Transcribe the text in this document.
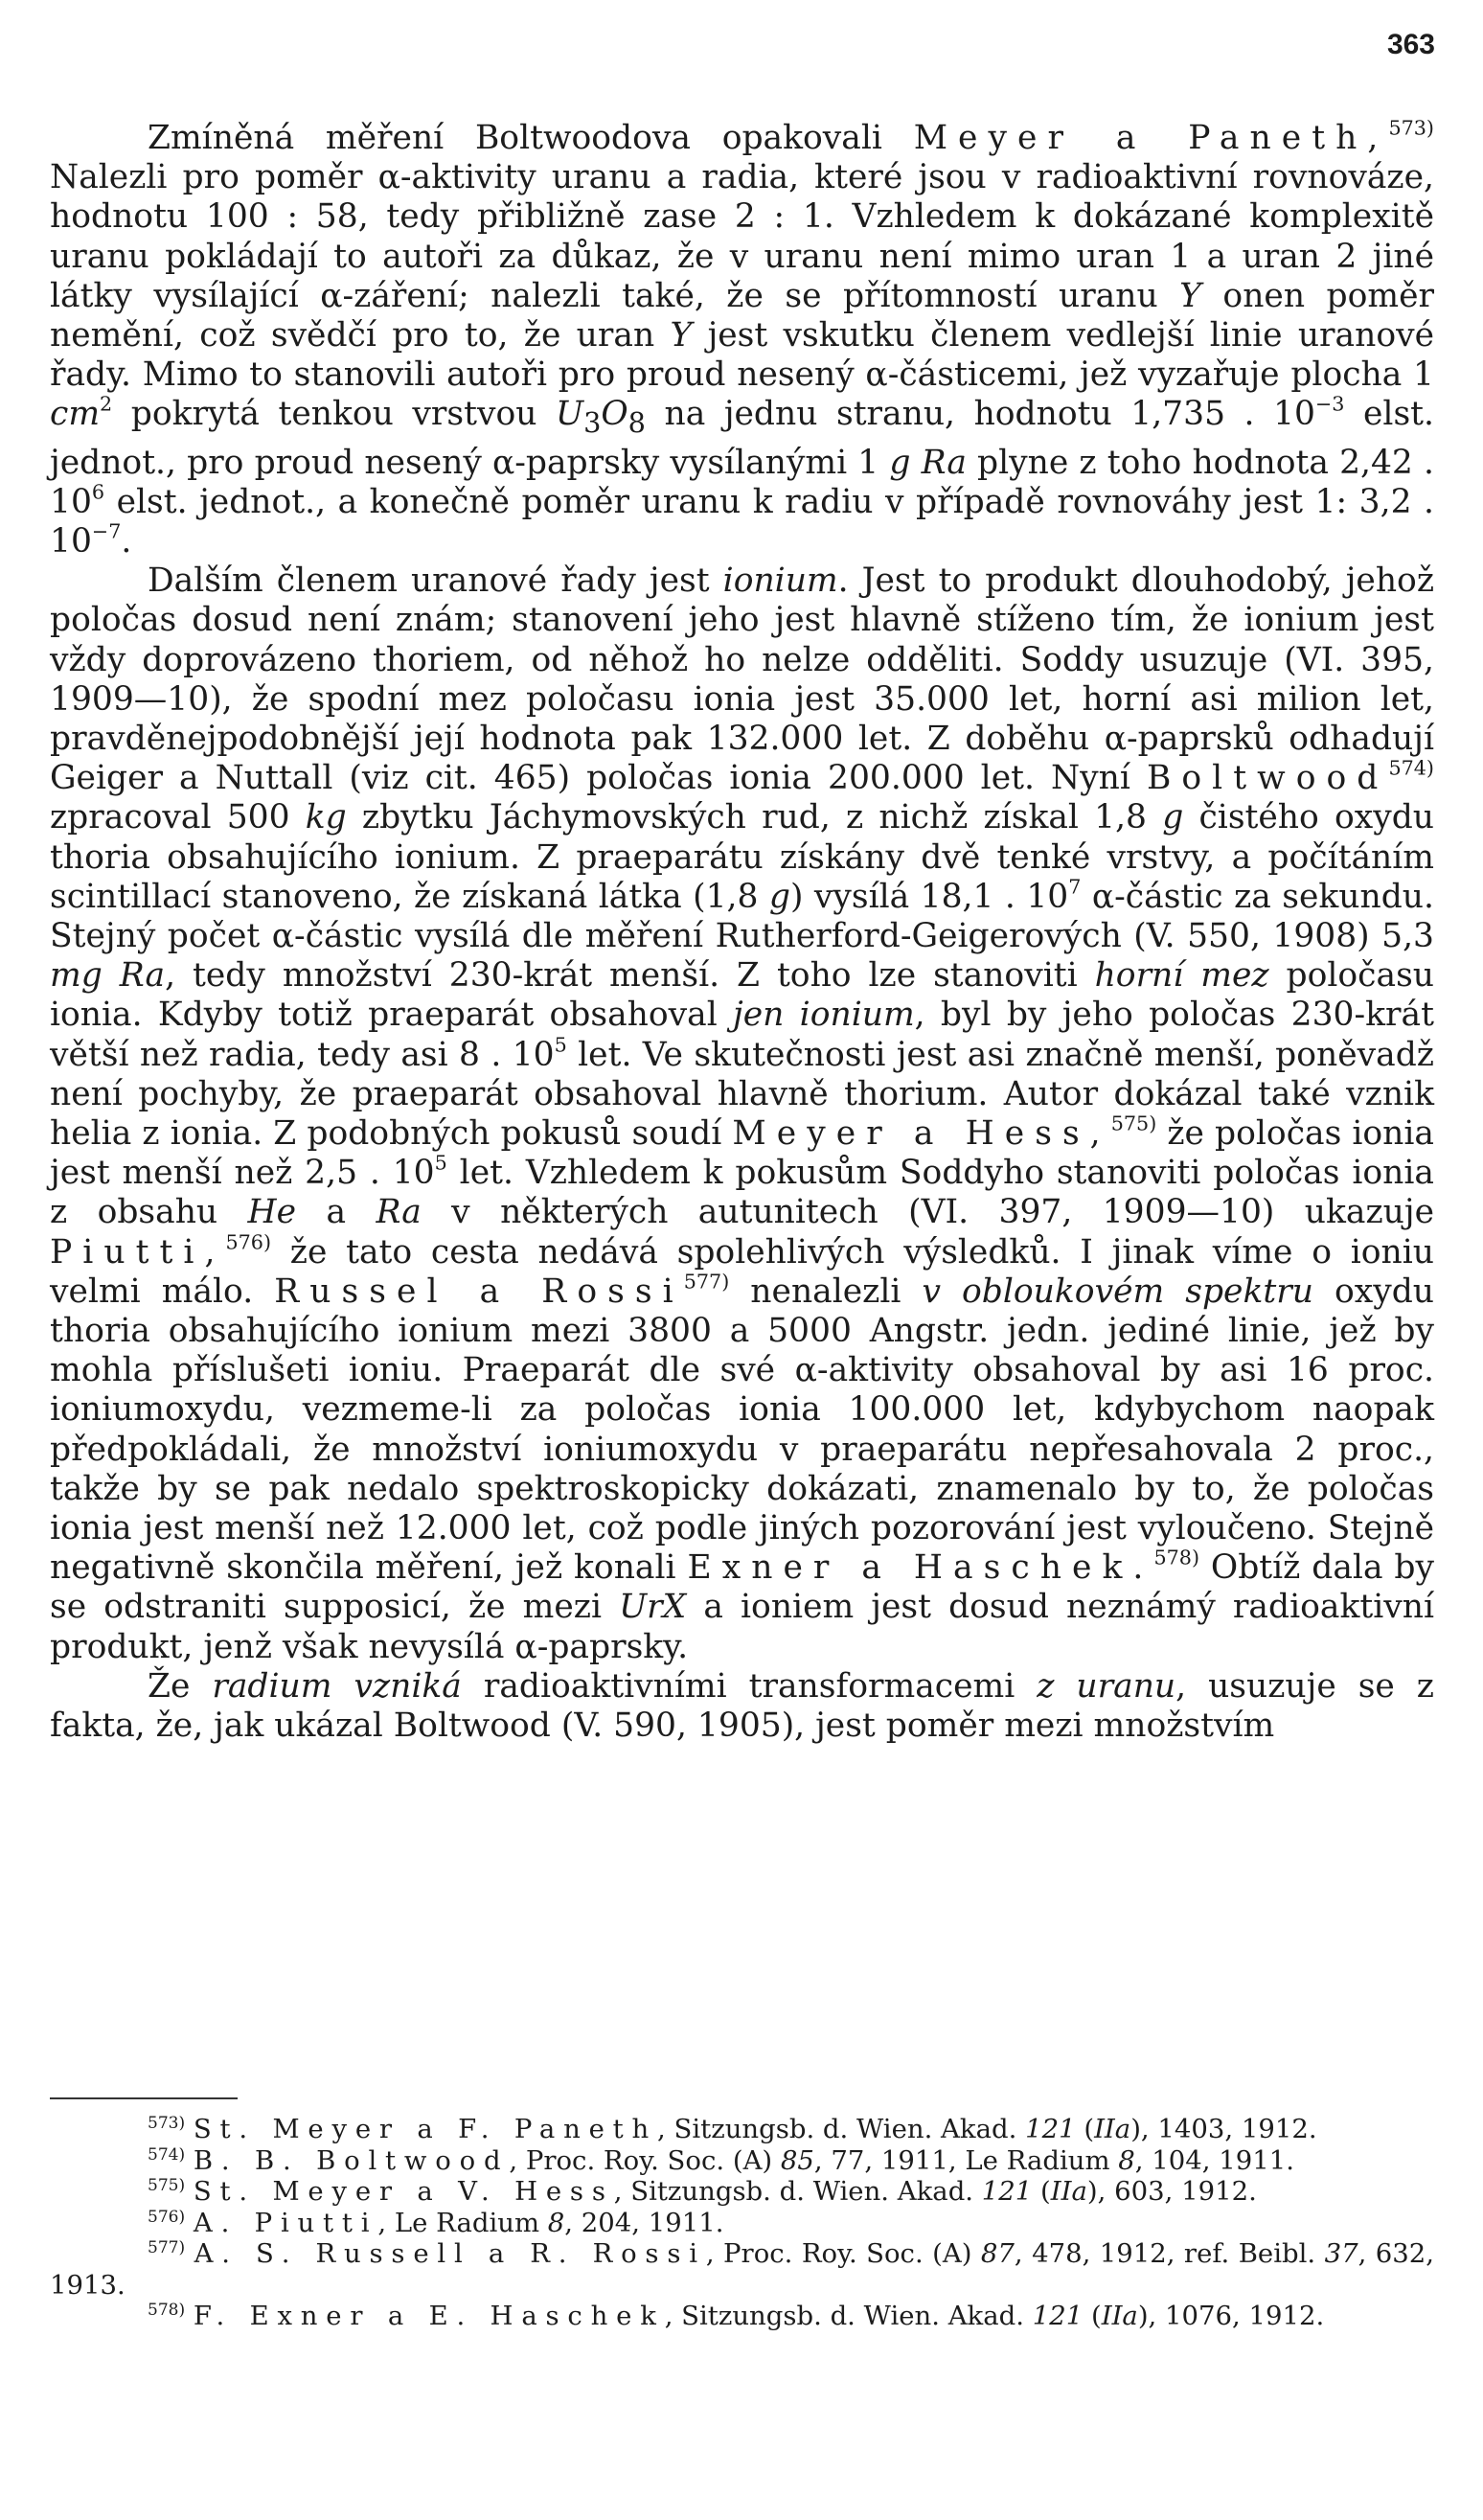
363

Zmíněná měření Boltwoodova opakovali Meyer a Paneth,$^{573)}$ Nalezli pro poměr α-aktivity uranu a radia, které jsou v radioaktivní rovnováze, hodnotu 100 : 58, tedy přibližně zase 2 : 1. Vzhledem k dokázané komplexitě uranu pokládají to autoři za důkaz, že v uranu není mimo uran 1 a uran 2 jiné látky vysílající α-záření; nalezli také, že se přítomností uranu Y onen poměr nemění, což svědčí pro to, že uran Y jest vskutku členem vedlejší linie uranové řady. Mimo to stanovili autoři pro proud nesený α-částicemi, jež vyzařuje plocha 1 $cm^2$ pokrytá tenkou vrstvou $U_3O_8$ na jednu stranu, hodnotu 1,735 . $10^{-3}$ elst. jednot., pro proud nesený α-paprsky vysílanými 1 g Ra plyne z toho hodnota 2,42 . $10^6$ elst. jednot., a konečně poměr uranu k radiu v případě rovnováhy jest 1: 3,2 . $10^{-7}$.

Dalším členem uranové řady jest ionium. Jest to produkt dlouhodobý, jehož poločas dosud není znám; stanovení jeho jest hlavně stíženo tím, že ionium jest vždy doprovázeno thoriem, od něhož ho nelze odděliti. Soddy usuzuje (VI. 395, 1909—10), že spodní mez poločasu ionia jest 35.000 let, horní asi milion let, pravděnejpodobnější její hodnota pak 132.000 let. Z doběhu α-paprsků odhadují Geiger a Nuttall (viz cit. 465) poločas ionia 200.000 let. Nyní Boltwood$^{574)}$ zpracoval 500 kg zbytku Jáchymovských rud, z nichž získal 1,8 g čistého oxydu thoria obsahujícího ionium. Z praeparátu získány dvě tenké vrstvy, a počítáním scintillací stanoveno, že získaná látka (1,8 g) vysílá 18,1 . $10^7$ α-částic za sekundu. Stejný počet α-částic vysílá dle měření Rutherford-Geigerových (V. 550, 1908) 5,3 mg Ra, tedy množství 230-krát menší. Z toho lze stanoviti horní mez poločasu ionia. Kdyby totiž praeparát obsahoval jen ionium, byl by jeho poločas 230-krát větší než radia, tedy asi 8 . $10^5$ let. Ve skutečnosti jest asi značně menší, poněvadž není pochyby, že praeparát obsahoval hlavně thorium. Autor dokázal také vznik helia z ionia. Z podobných pokusů soudí Meyer a Hess,$^{575)}$ že poločas ionia jest menší než 2,5 . $10^5$ let. Vzhledem k pokusům Soddyho stanoviti poločas ionia z obsahu He a Ra v některých autunitech (VI. 397, 1909—10) ukazuje Piutti,$^{576)}$ že tato cesta nedává spolehlivých výsledků. I jinak víme o ioniu velmi málo. Russel a Rossi$^{577)}$ nenalezli v obloukovém spektru oxydu thoria obsahujícího ionium mezi 3800 a 5000 Angstr. jedn. jediné linie, jež by mohla příslušeti ioniu. Praeparát dle své α-aktivity obsahoval by asi 16 proc. ioniumoxydu, vezmeme-li za poločas ionia 100.000 let, kdybychom naopak předpokládali, že množství ioniumoxydu v praeparátu nepřesahovala 2 proc., takže by se pak nedalo spektroskopicky dokázati, znamenalo by to, že poločas ionia jest menší než 12.000 let, což podle jiných pozorování jest vyloučeno. Stejně negativně skončila měření, jež konali Exner a Haschek.$^{578)}$ Obtíž dala by se odstraniti supposicí, že mezi UrX a ioniem jest dosud neznámý radioaktivní produkt, jenž však nevysílá α-paprsky.

Že radium vzniká radioaktivními transformacemi z uranu, usuzuje se z fakta, že, jak ukázal Boltwood (V. 590, 1905), jest poměr mezi množstvím

$^{573)}$ St. Meyer a F. Paneth, Sitzungsb. d. Wien. Akad. 121 (IIa), 1403, 1912.

$^{574)}$ B. B. Boltwood, Proc. Roy. Soc. (A) 85, 77, 1911, Le Radium 8, 104, 1911.

$^{575)}$ St. Meyer a V. Hess, Sitzungsb. d. Wien. Akad. 121 (IIa), 603, 1912.

$^{576)}$ A. Piutti, Le Radium 8, 204, 1911.

$^{577)}$ A. S. Russell a R. Rossi, Proc. Roy. Soc. (A) 87, 478, 1912, ref. Beibl. 37, 632, 1913.

$^{578)}$ F. Exner a E. Haschek, Sitzungsb. d. Wien. Akad. 121 (IIa), 1076, 1912.
